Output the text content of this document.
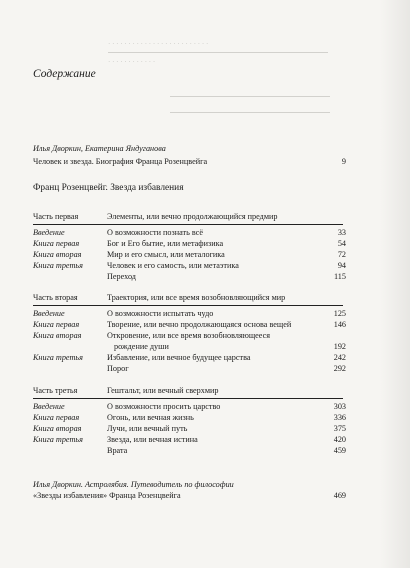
· · · · · · · · · · · · · · · · · · · · · · · · ·
· · · · · · · · · · · ·
Содержание
Илья Дворкин, Екатерина Яндуганова
Человек и звезда. Биография Франца Розенцвейга	9
Франц Розенцвейг. Звезда избавления
Часть первая	Элементы, или вечно продолжающийся предмир
Введение	О возможности познать всё	33
Книга первая	Бог и Его бытие, или метафизика	54
Книга вторая	Мир и его смысл, или металогика	72
Книга третья	Человек и его самость, или метаэтика	94
Переход	115
Часть вторая	Траектория, или все время возобновляющийся мир
Введение	О возможности испытать чудо	125
Книга первая	Творение, или вечно продолжающаяся основа вещей	146
Книга вторая	Откровение, или все время возобновляющееся
рождение души	192
Книга третья	Избавление, или вечное будущее царства	242
Порог	292
Часть третья	Гештальт, или вечный сверхмир
Введение	О возможности просить царство	303
Книга первая	Огонь, или вечная жизнь	336
Книга вторая	Лучи, или вечный путь	375
Книга третья	Звезда, или вечная истина	420
Врата	459
Илья Дворкин. Астролябия. Путеводитель по философии
«Звезды избавления» Франца Розенцвейга	469
